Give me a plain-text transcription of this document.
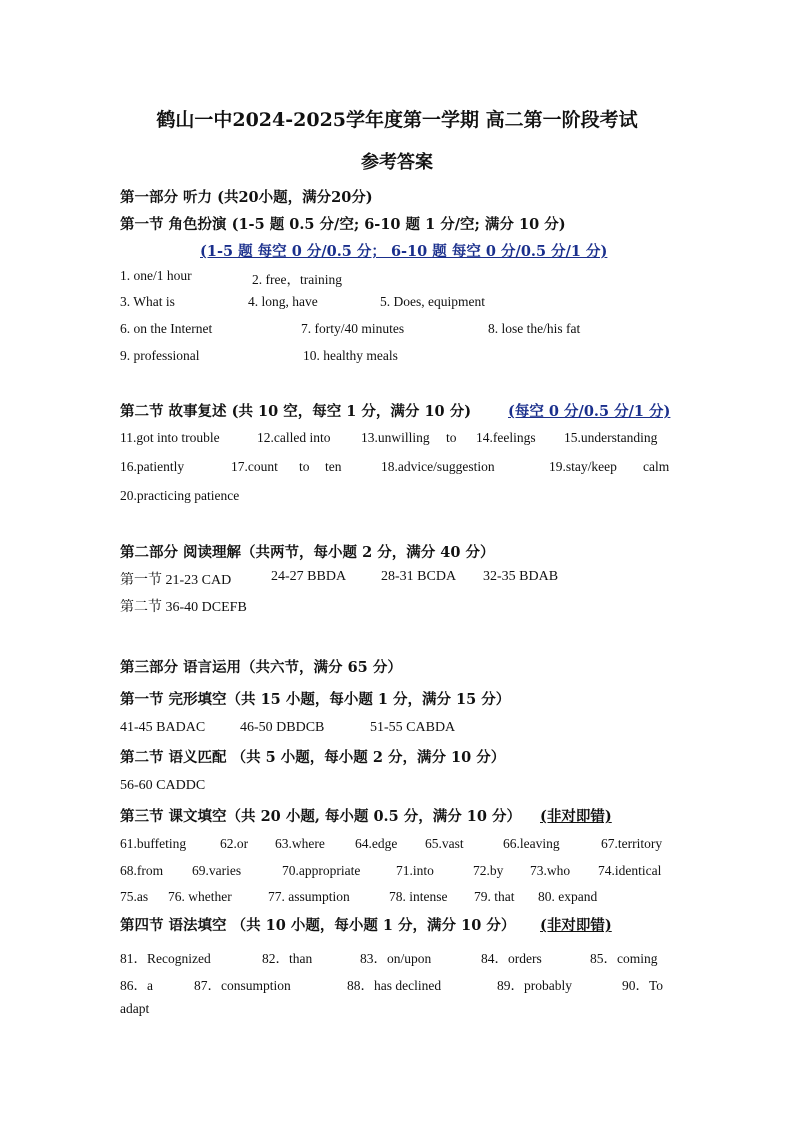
鹤山一中2024-2025学年度第一学期 高二第一阶段考试
参考答案
第一部分 听力 (共20小题，满分20分)
第一节 角色扮演 (1-5 题 0.5 分/空; 6-10 题 1 分/空; 满分 10 分)
(1-5 题 每空 0 分/0.5 分； 6-10 题 每空 0 分/0.5 分/1 分)
1. one/1 hour	2. free，training
3. What is	4. long, have	5. Does, equipment
6. on the Internet	7. forty/40 minutes	8. lose the/his fat
9. professional	10. healthy meals
第二节 故事复述 (共 10 空，每空 1 分，满分 10 分)	(每空 0 分/0.5 分/1 分)
11.got into trouble	12.called into 13.unwilling to 14.feelings 15.understanding
16.patiently	17.count to ten	18.advice/suggestion	19.stay/keep calm
20.practicing patience
第二部分 阅读理解（共两节，每小题 2 分，满分 40 分）
第一节 21-23 CAD	24-27 BBDA 28-31 BCDA 32-35 BDAB
第二节 36-40 DCEFB
第三部分 语言运用（共六节，满分 65 分）
第一节 完形填空（共 15 小题，每小题 1 分，满分 15 分）
41-45 BADAC 46-50 DBDCB	51-55 CABDA
第二节 语义匹配 （共 5 小题，每小题 2 分，满分 10 分）
56-60 CADDC
第三节 课文填空（共 20 小题, 每小题 0.5 分，满分 10 分） (非对即错)
61.buffeting	62.or 63.where 64.edge 65.vast	66.leaving	67.territory
68.from 69.varies	70.appropriate	71.into	72.by 73.who 74.identical
75.as 76. whether	77. assumption	78. intense 79. that 80. expand
第四节 语法填空 （共 10 小题，每小题 1 分，满分 10 分） (非对即错)
81．Recognized	82．than	83．on/upon	84．orders	85．coming
86．a	87．consumption	88．has declined	89．probably	90．To
adapt
